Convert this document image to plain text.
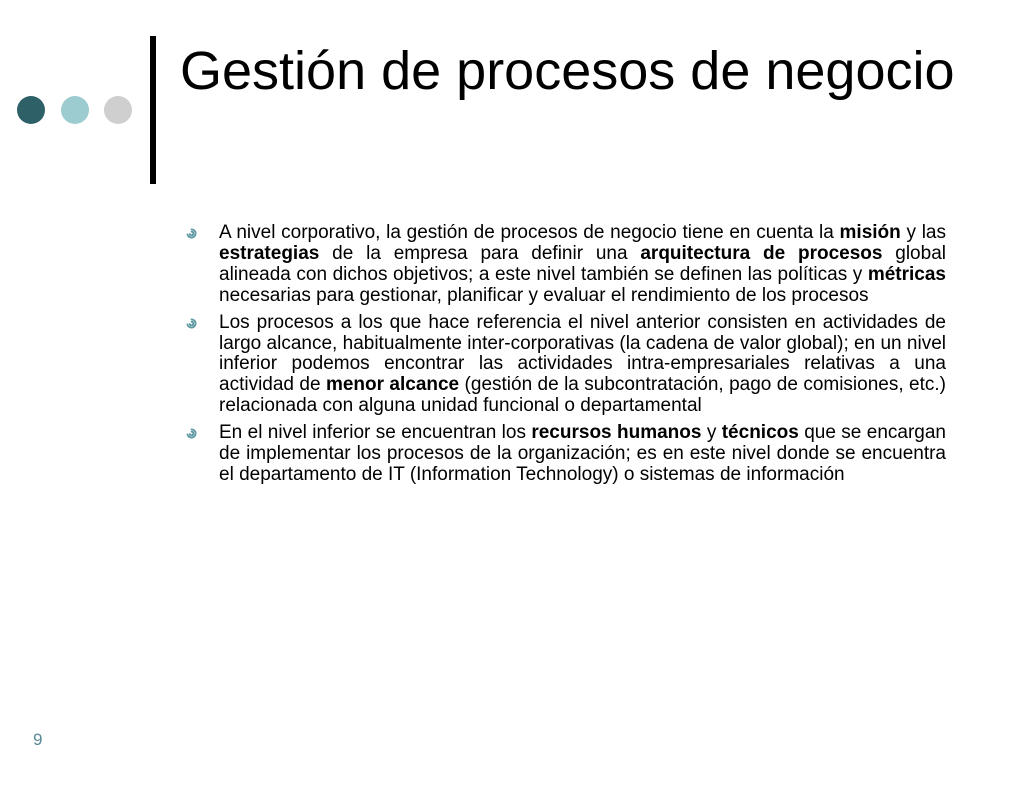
Gestión de procesos de negocio
A nivel corporativo, la gestión de procesos de negocio tiene en cuenta la misión y las estrategias de la empresa para definir una arquitectura de procesos global alineada con dichos objetivos; a este nivel también se definen las políticas y métricas necesarias para gestionar, planificar y evaluar el rendimiento de los procesos
Los procesos a los que hace referencia el nivel anterior consisten en actividades de largo alcance, habitualmente inter-corporativas (la cadena de valor global); en un nivel inferior podemos encontrar las actividades intra-empresariales relativas a una actividad de menor alcance (gestión de la subcontratación, pago de comisiones, etc.) relacionada con alguna unidad funcional o departamental
En el nivel inferior se encuentran los recursos humanos y técnicos que se encargan de implementar los procesos de la organización; es en este nivel donde se encuentra el departamento de IT (Information Technology) o sistemas de información
9
